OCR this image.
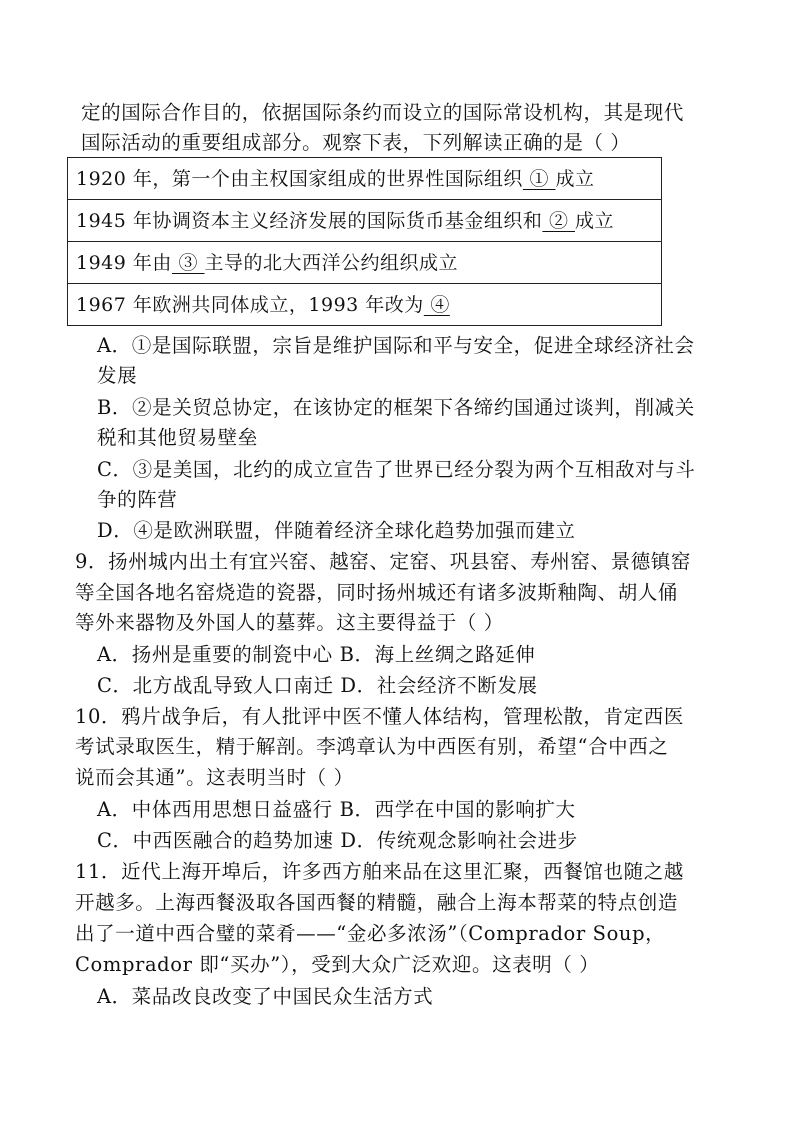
定的国际合作目的，依据国际条约而设立的国际常设机构，其是现代
国际活动的重要组成部分。观察下表，下列解读正确的是（ ）
1920 年，第一个由主权国家组成的世界性国际组织 ① 成立
1945 年协调资本主义经济发展的国际货币基金组织和 ② 成立
1949 年由 ③ 主导的北大西洋公约组织成立
1967 年欧洲共同体成立，1993 年改为 ④
A．①是国际联盟，宗旨是维护国际和平与安全，促进全球经济社会
发展
B．②是关贸总协定，在该协定的框架下各缔约国通过谈判，削减关
税和其他贸易壁垒
C．③是美国，北约的成立宣告了世界已经分裂为两个互相敌对与斗
争的阵营
D．④是欧洲联盟，伴随着经济全球化趋势加强而建立
9．扬州城内出土有宜兴窑、越窑、定窑、巩县窑、寿州窑、景德镇窑
等全国各地名窑烧造的瓷器，同时扬州城还有诸多波斯釉陶、胡人俑
等外来器物及外国人的墓葬。这主要得益于（ ）
A．扬州是重要的制瓷中心 B．海上丝绸之路延伸
C．北方战乱导致人口南迁 D．社会经济不断发展
10．鸦片战争后，有人批评中医不懂人体结构，管理松散，肯定西医
考试录取医生，精于解剖。李鸿章认为中西医有别，希望“合中西之
说而会其通”。这表明当时（ ）
A．中体西用思想日益盛行 B．西学在中国的影响扩大
C．中西医融合的趋势加速 D．传统观念影响社会进步
11．近代上海开埠后，许多西方舶来品在这里汇聚，西餐馆也随之越
开越多。上海西餐汲取各国西餐的精髓，融合上海本帮菜的特点创造
出了一道中西合璧的菜肴——“金必多浓汤”（Comprador Soup，
Comprador 即“买办”），受到大众广泛欢迎。这表明（ ）
A．菜品改良改变了中国民众生活方式
